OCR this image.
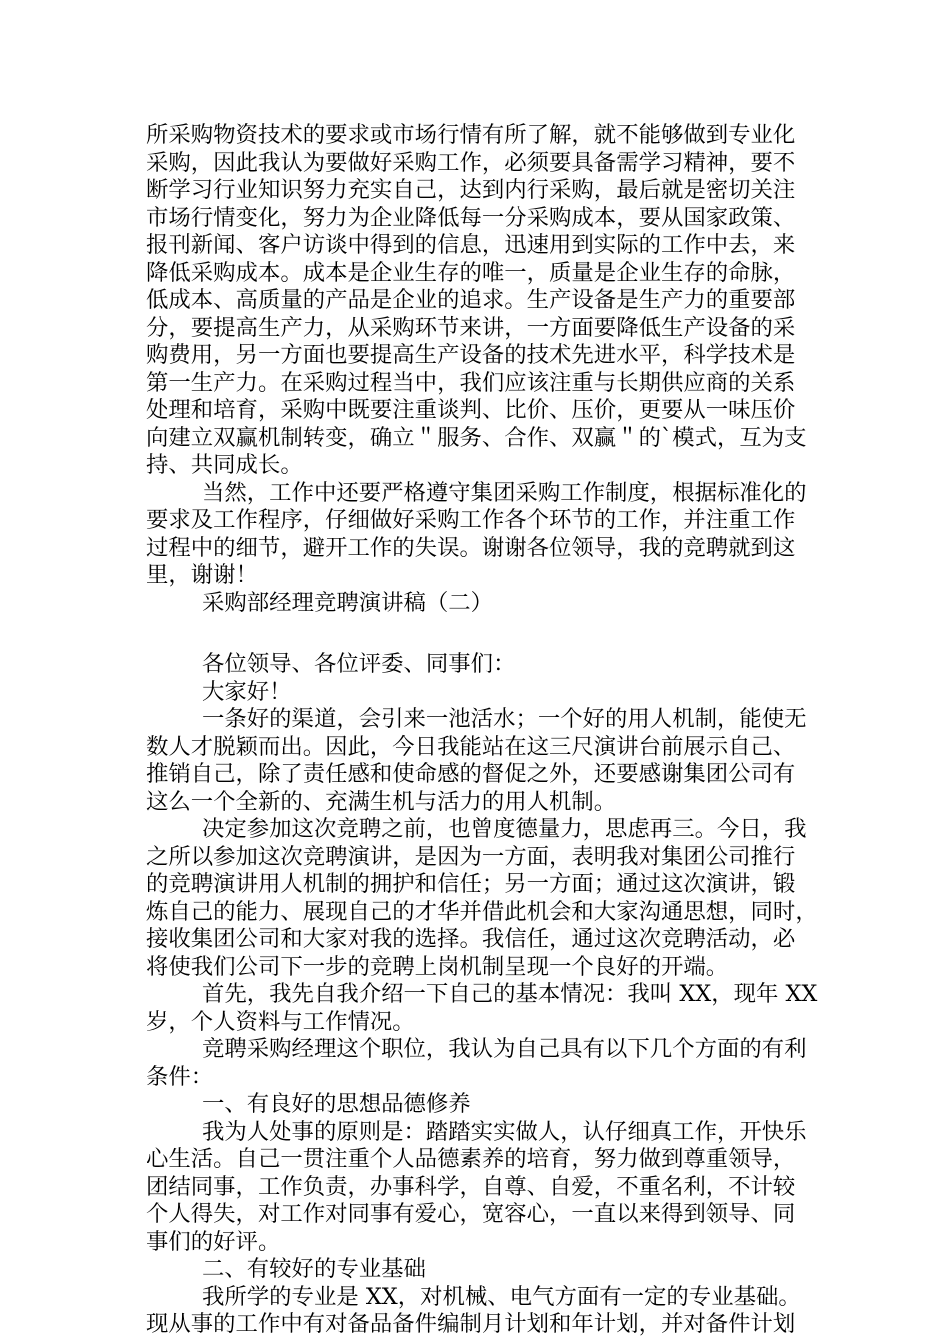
所采购物资技术的要求或市场行情有所了解，就不能够做到专业化
采购，因此我认为要做好采购工作，必须要具备需学习精神，要不
断学习行业知识努力充实自己，达到内行采购，最后就是密切关注
市场行情变化，努力为企业降低每一分采购成本，要从国家政策、
报刊新闻、客户访谈中得到的信息，迅速用到实际的工作中去，来
降低采购成本。成本是企业生存的唯一，质量是企业生存的命脉，
低成本、高质量的产品是企业的追求。生产设备是生产力的重要部
分，要提高生产力，从采购环节来讲，一方面要降低生产设备的采
购费用，另一方面也要提高生产设备的技术先进水平，科学技术是
第一生产力。在采购过程当中，我们应该注重与长期供应商的关系
处理和培育，采购中既要注重谈判、比价、压价，更要从一味压价
向建立双赢机制转变，确立＂服务、合作、双赢＂的`模式，互为支
持、共同成长。
当然，工作中还要严格遵守集团采购工作制度，根据标准化的
要求及工作程序，仔细做好采购工作各个环节的工作，并注重工作
过程中的细节，避开工作的失误。谢谢各位领导，我的竞聘就到这
里，谢谢！
采购部经理竞聘演讲稿（二）
各位领导、各位评委、同事们：
大家好！
一条好的渠道，会引来一池活水；一个好的用人机制，能使无
数人才脱颖而出。因此，今日我能站在这三尺演讲台前展示自己、
推销自己，除了责任感和使命感的督促之外，还要感谢集团公司有
这么一个全新的、充满生机与活力的用人机制。
决定参加这次竞聘之前，也曾度德量力，思虑再三。今日，我
之所以参加这次竞聘演讲，是因为一方面，表明我对集团公司推行
的竞聘演讲用人机制的拥护和信任；另一方面；通过这次演讲，锻
炼自己的能力、展现自己的才华并借此机会和大家沟通思想，同时，
接收集团公司和大家对我的选择。我信任，通过这次竞聘活动，必
将使我们公司下一步的竞聘上岗机制呈现一个良好的开端。
首先，我先自我介绍一下自己的基本情况：我叫 XX，现年 XX
岁，个人资料与工作情况。
竞聘采购经理这个职位，我认为自己具有以下几个方面的有利
条件：
一、有良好的思想品德修养
我为人处事的原则是：踏踏实实做人，认仔细真工作，开快乐
心生活。自己一贯注重个人品德素养的培育，努力做到尊重领导，
团结同事，工作负责，办事科学，自尊、自爱，不重名利，不计较
个人得失，对工作对同事有爱心，宽容心，一直以来得到领导、同
事们的好评。
二、有较好的专业基础
我所学的专业是 XX，对机械、电气方面有一定的专业基础。
现从事的工作中有对备品备件编制月计划和年计划，并对备件计划
